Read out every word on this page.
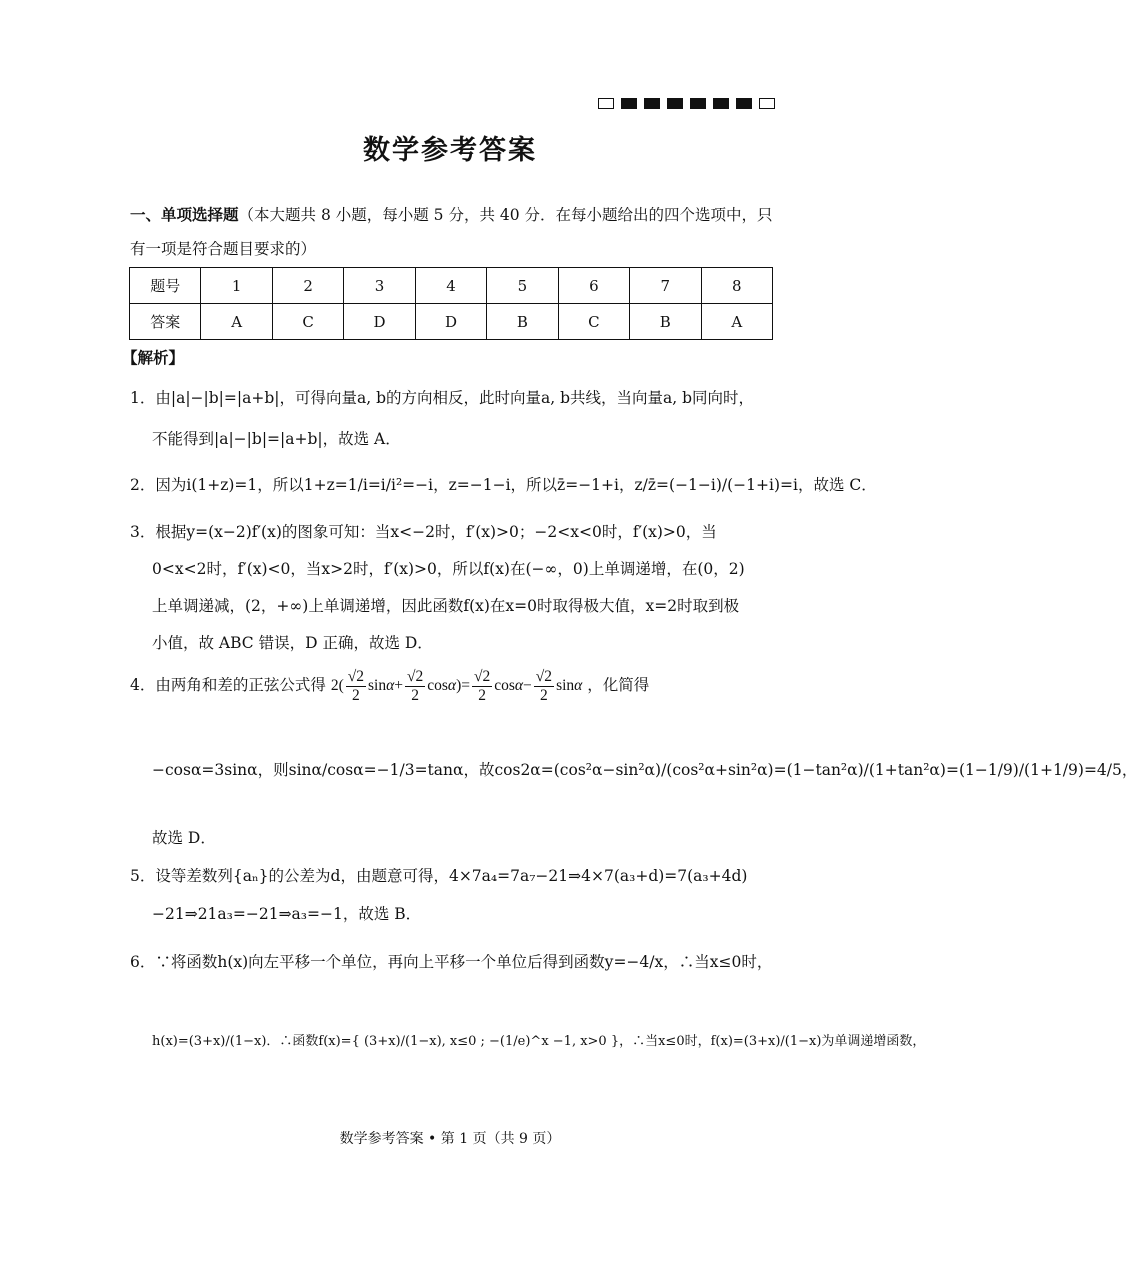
数学参考答案
一、单项选择题（本大题共 8 小题，每小题 5 分，共 40 分．在每小题给出的四个选项中，只有一项是符合题目要求的）
题号	1	2	3	4	5	6	7	8
答案	A	C	D	D	B	C	B	A
【解析】
1．由|a|−|b|=|a+b|，可得向量a, b的方向相反，此时向量a, b共线，当向量a, b同向时，
不能得到|a|−|b|=|a+b|，故选 A．
2．因为i(1+z)=1，所以1+z=1/i=i/i²=−i，z=−1−i，所以z̄=−1+i，z/z̄=(−1−i)/(−1+i)=i，故选 C．
3．根据y=(x−2)f′(x)的图象可知：当x<−2时，f′(x)>0；−2<x<0时，f′(x)>0，当
0<x<2时，f′(x)<0，当x>2时，f′(x)>0，所以f(x)在(−∞，0)上单调递增，在(0，2)
上单调递减，(2，+∞)上单调递增，因此函数f(x)在x=0时取得极大值，x=2时取到极
小值，故 ABC 错误，D 正确，故选 D．
4．由两角和差的正弦公式得 $2( \frac{√2}{2} \sin\alpha+ \frac{√2}{2} \cos\alpha)= \frac{√2}{2} \cos\alpha- \frac{√2}{2}$ sinα ，化简得
−cosα=3sinα，则sinα/cosα=−1/3=tanα，故cos2α=(cos²α−sin²α)/(cos²α+sin²α)=(1−tan²α)/(1+tan²α)=(1−1/9)/(1+1/9)=4/5，
故选 D．
5．设等差数列{aₙ}的公差为d，由题意可得，4×7a₄=7a₇−21⇒4×7(a₃+d)=7(a₃+4d)
−21⇒21a₃=−21⇒a₃=−1，故选 B．
6．∵将函数h(x)向左平移一个单位，再向上平移一个单位后得到函数y=−4/x，∴当x≤0时，
h(x)=(3+x)/(1−x)．∴函数f(x)={ (3+x)/(1−x), x≤0 ; −(1/e)^x −1, x>0 }，∴当x≤0时，f(x)=(3+x)/(1−x)为单调递增函数，
数学参考答案 • 第 1 页（共 9 页）
